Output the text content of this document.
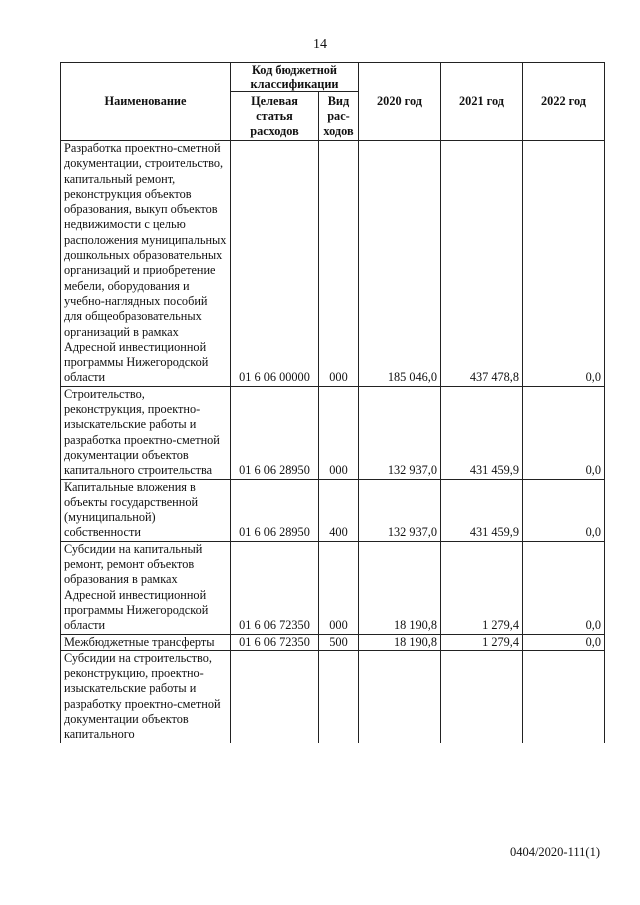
14
Наименование	Код бюджетной классификации		2020 год	2021 год	2022 год
	Целевая статья расходов	Вид рас-ходов			
Разработка проектно-сметной документации, строительство, капитальный ремонт, реконструкция объектов образования, выкуп объектов недвижимости с целью расположения муниципальных дошкольных образовательных организаций и приобретение мебели, оборудования и учебно-наглядных пособий для общеобразовательных организаций в рамках Адресной инвестиционной программы Нижегородской области	01 6 06 00000	000	185 046,0	437 478,8	0,0
Строительство, реконструкция, проектно-изыскательские работы и разработка проектно-сметной документации объектов капитального строительства	01 6 06 28950	000	132 937,0	431 459,9	0,0
Капитальные вложения в объекты государственной (муниципальной) собственности	01 6 06 28950	400	132 937,0	431 459,9	0,0
Субсидии на капитальный ремонт, ремонт объектов образования в рамках Адресной инвестиционной программы Нижегородской области	01 6 06 72350	000	18 190,8	1 279,4	0,0
Межбюджетные трансферты	01 6 06 72350	500	18 190,8	1 279,4	0,0
Субсидии на строительство, реконструкцию, проектно-изыскательские работы и разработку проектно-сметной документации объектов капитального					
0404/2020-111(1)
